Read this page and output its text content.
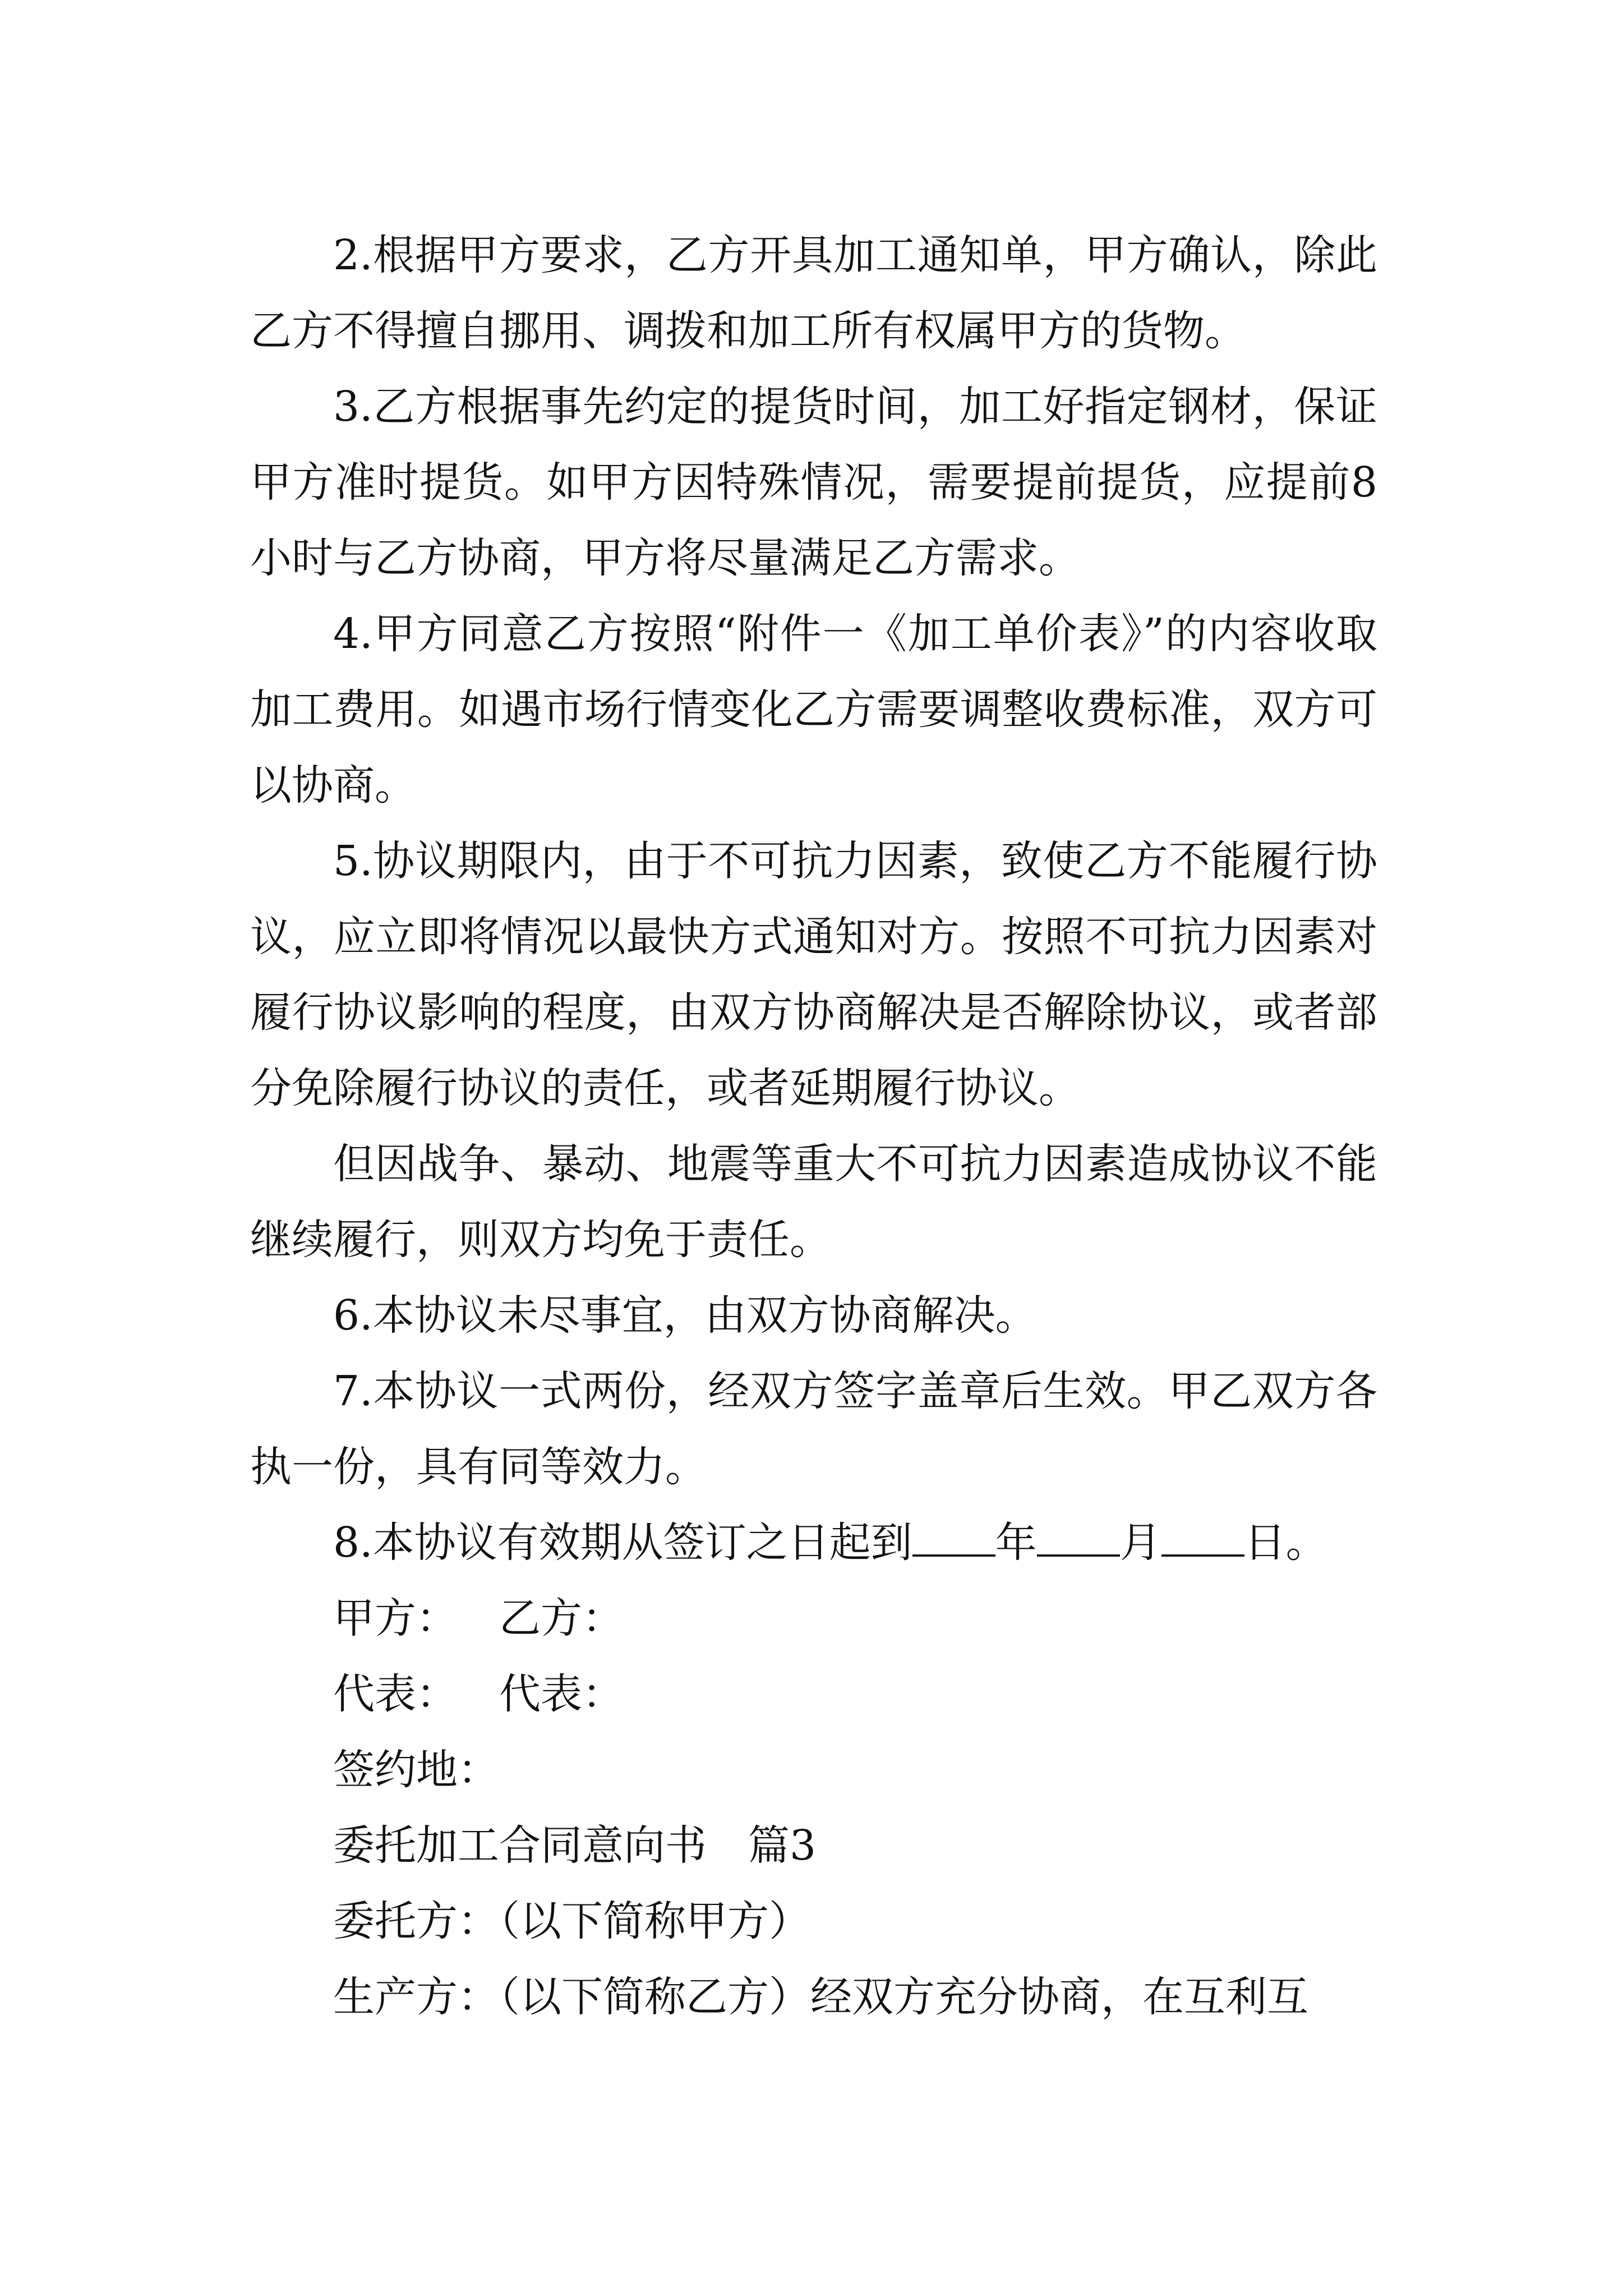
2.根据甲方要求，乙方开具加工通知单，甲方确认，除此乙方不得擅自挪用、调拨和加工所有权属甲方的货物。

3.乙方根据事先约定的提货时间，加工好指定钢材，保证甲方准时提货。如甲方因特殊情况，需要提前提货，应提前8小时与乙方协商，甲方将尽量满足乙方需求。

4.甲方同意乙方按照“附件一《加工单价表》”的内容收取加工费用。如遇市场行情变化乙方需要调整收费标准，双方可以协商。

5.协议期限内，由于不可抗力因素，致使乙方不能履行协议，应立即将情况以最快方式通知对方。按照不可抗力因素对履行协议影响的程度，由双方协商解决是否解除协议，或者部分免除履行协议的责任，或者延期履行协议。

但因战争、暴动、地震等重大不可抗力因素造成协议不能继续履行，则双方均免于责任。

6.本协议未尽事宜，由双方协商解决。

7.本协议一式两份，经双方签字盖章后生效。甲乙双方各执一份，具有同等效力。

8.本协议有效期从签订之日起到 年 月 日。

甲方： 乙方：

代表： 代表：

签约地：

委托加工合同意向书 篇3

委托方：（以下简称甲方）

生产方：（以下简称乙方）经双方充分协商，在互利互
